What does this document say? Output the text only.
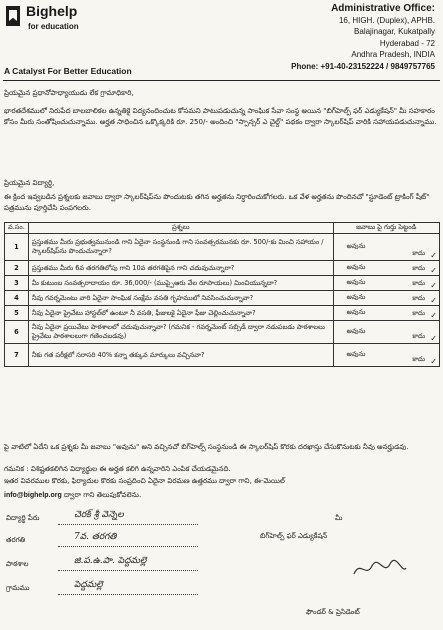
Bighelp
for education
A Catalyst For Better Education
Administrative Office:
16, HIGH. (Duplex), APHB.
Balajinagar, Kukatpally
Hyderabad - 72
Andhra Pradesh, INDIA
Phone: +91-40-23152224 / 9849757765
ప్రియమైన ప్రధానోపాధ్యాయుడు లేక గ్రామాధికారి,
భారతదేశములో నిరుపేద బాలబాలికల ఉన్నతికై విద్యనందించుట కోసమని పాటుపడుచున్న సాంఘిక సేవా సంస్థ అయిన "బిగ్‌హెల్ప్ ఫర్ ఎడ్యుకేషన్" మీ సహకారం కోసం మీరు సంతోషించుచున్నాము. అర్హత సాధించిన ఒక్కొక్కరికి రూ. 250/- అందించి "స్పాన్సర్ ఎ చైల్డ్" పథకం ద్వారా స్కాలర్‌షిప్ వారికి సహాయపడుచున్నాము.
ప్రియమైన విద్యార్థి,
ఈ క్రింద ఇవ్వబడిన ప్రశ్నలకు జవాబు ద్వారా స్కాలర్‌షిప్‌ను పొందుటకు తగిన అర్హతను నిర్ధారించుకోగలరు. ఒక వేళ అర్హతను పొందినచో "స్టూడెంట్ ట్రాకింగ్ షీట్" పత్రమును పూర్తిచేసి పంపగలరు.
వ.సం.	ప్రశ్నలు	జవాబు పై గుర్తు పెట్టండి
1	ప్రస్తుతము మీరు ప్రభుత్వమునుండి గాని ఏదైనా సంస్థనుండి గాని సంవత్సరమునకు రూ. 500/-కు మించి సహాయం / స్కాలర్‌షిప్‌ను పొందుచున్నారా?	అవును
కాదు ✓

2	ప్రస్తుతము మీరు 6వ తరగతిలోపు గాని 10వ తరగతిపైన గాని చదువుచున్నారా?	అవును కాదు ✓

3	మీ కుటుంబ సంవత్సరాదాయం రూ. 36,000/- (ముప్పైఆరు వేల రూపాయలు) మించియున్నదా?	అవును కాదు ✓

4	నీవు గవర్నమెంటు వారి ఏదైనా సాంఘిక సంక్షేమ వసతి గృహములో నివసించుచున్నావా?	అవును కాదు ✓

5	నీవు ఏదైనా ప్రైవేటు హాస్టల్‌లో ఉంటూ నీ వసతి, ఫీజులకై ఏదైనా ఫీజు చెల్లించుచున్నావా?	అవును కాదు ✓

6	నీవు ఏదైనా ప్రయివేటు పాఠశాలలో చదువుచున్నావా? (గమనిక - గవర్నమెంట్ సబ్సిడీ ద్వారా నడుపబడు పాఠశాలలు ప్రైవేటు పాఠశాలలుగా గణించబడవు)	అవును
కాదు ✓

7	నీకు గత పరీక్షలో సరాసరి 40% కన్నా తక్కువ మార్కులు వచ్చినవా?	అవును
కాదు ✓
పై వాటిలో ఏదేని ఒక ప్రశ్నకు మీ జవాబు "అవును" అని వచ్చినచో బిగ్‌హెల్ప్ సంస్థనుండి ఈ స్కాలర్‌షిప్ కొరకు దరఖాస్తు చేసుకొనుటకు నీవు అనర్హుడవు.
గమనిక : విశిష్టతకలిగిన విద్యార్థుల ఈ అర్హత కలిగి ఉన్నవారిని ఎంపిక చేయడమైనది.
ఇతర వివరముల కొరకు, ఫిర్యాదుల కొరకు సంప్రదించి ఏదైనా విరమణ ఉత్తరము ద్వారా గాని, ఈ-మెయిల్
info@bighelp.org ద్వారా గాని తెలుపుకోవలెను.
విద్యార్థి పేరు	చెరక్ శ్రీ వెన్నెల
తరగతి	7వ. తరగతి
పాఠశాల	జి.ప.ఉ.పా. పెద్దమల్లె
గ్రామము	పెద్దమల్లె
మీ
బిగ్‌హెల్ప్ ఫర్ ఎడ్యుకేషన్
ఫౌండర్ & ప్రెసిడెంట్
